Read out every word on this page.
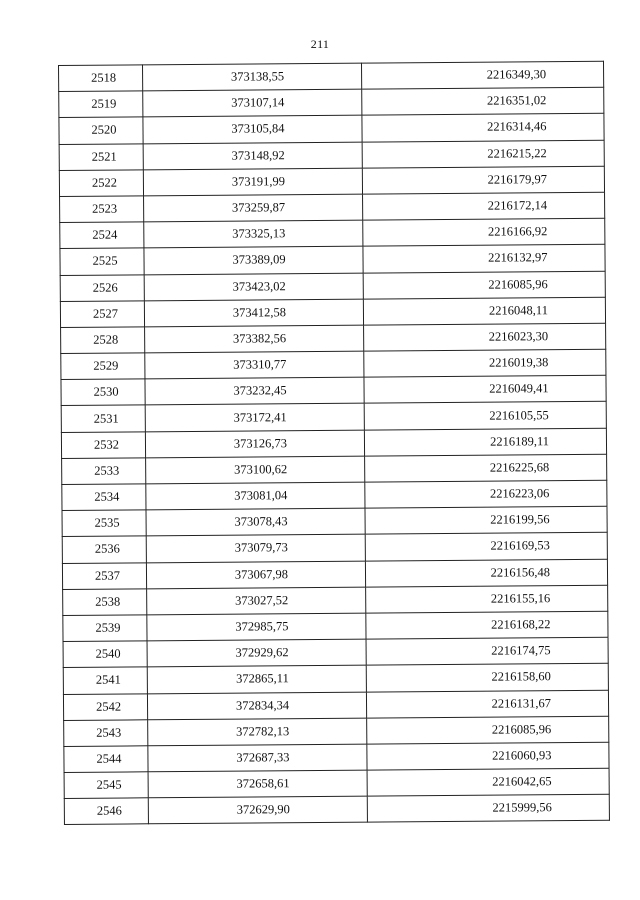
211
2518	373138,55	2216349,30
2519	373107,14	2216351,02
2520	373105,84	2216314,46
2521	373148,92	2216215,22
2522	373191,99	2216179,97
2523	373259,87	2216172,14
2524	373325,13	2216166,92
2525	373389,09	2216132,97
2526	373423,02	2216085,96
2527	373412,58	2216048,11
2528	373382,56	2216023,30
2529	373310,77	2216019,38
2530	373232,45	2216049,41
2531	373172,41	2216105,55
2532	373126,73	2216189,11
2533	373100,62	2216225,68
2534	373081,04	2216223,06
2535	373078,43	2216199,56
2536	373079,73	2216169,53
2537	373067,98	2216156,48
2538	373027,52	2216155,16
2539	372985,75	2216168,22
2540	372929,62	2216174,75
2541	372865,11	2216158,60
2542	372834,34	2216131,67
2543	372782,13	2216085,96
2544	372687,33	2216060,93
2545	372658,61	2216042,65
2546	372629,90	2215999,56
